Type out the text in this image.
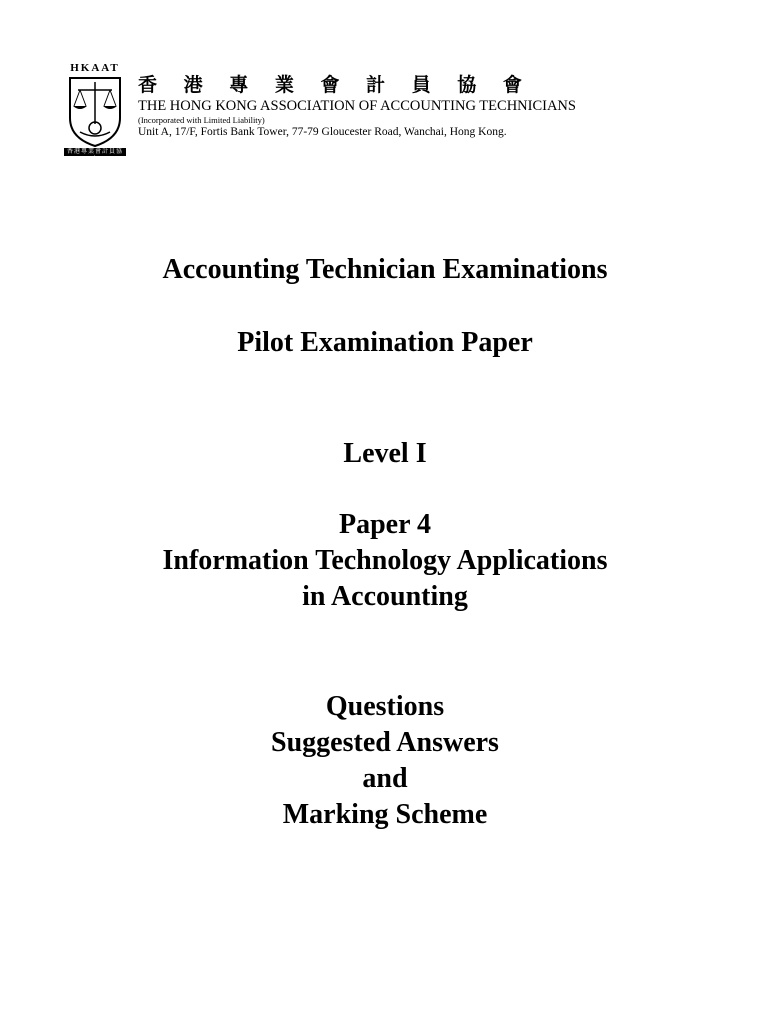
HKAAT
香港專業會計員協會
香 港 專 業 會 計 員 協 會
THE HONG KONG ASSOCIATION OF ACCOUNTING TECHNICIANS
(Incorporated with Limited Liability)
Unit A, 17/F, Fortis Bank Tower, 77-79 Gloucester Road, Wanchai, Hong Kong.
Accounting Technician Examinations
Pilot Examination Paper
Level I
Paper 4
Information Technology Applications
in Accounting
Questions
Suggested Answers
and
Marking Scheme
